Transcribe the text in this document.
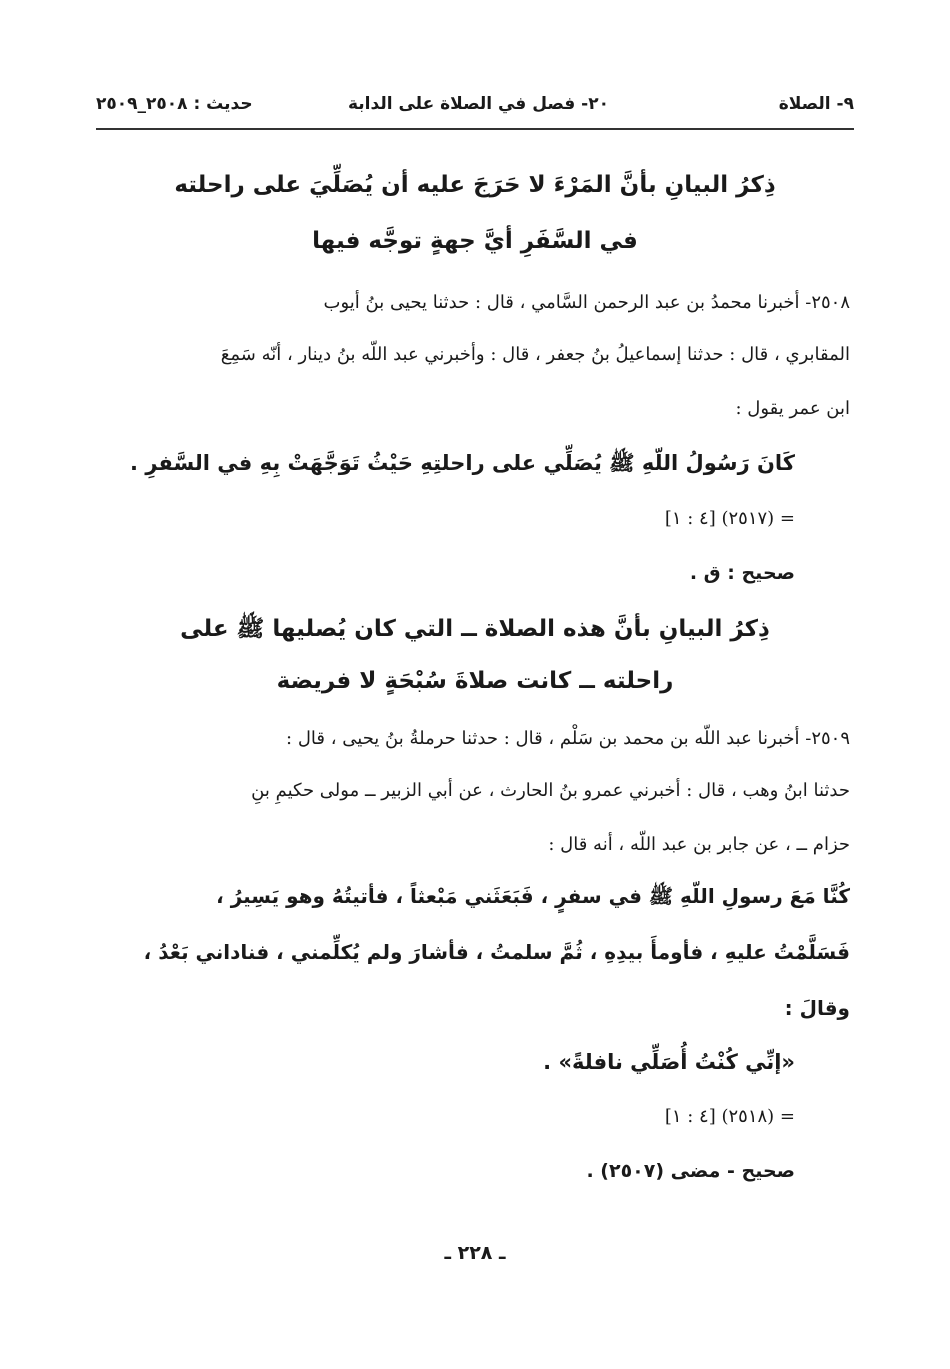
٩- الصلاة
٢٠- فصل في الصلاة على الدابة
حديث : ٢٥٠٨_٢٥٠٩
ذِكرُ البيانِ بأنَّ المَرْءَ لا حَرَجَ عليه أن يُصَلِّيَ على راحلته
في السَّفَرِ أيَّ جهةٍ توجَّه فيها
٢٥٠٨- أخبرنا محمدُ بن عبد الرحمن السَّامي ، قال : حدثنا يحيى بنُ أيوب
المقابري ، قال : حدثنا إسماعيلُ بنُ جعفر ، قال : وأخبرني عبد اللّه بنُ دينار ، أنّه سَمِعَ
ابن عمر يقول :
كَانَ رَسُولُ اللّهِ ﷺ يُصَلِّي على راحلتِهِ حَيْثُ تَوَجَّهَتْ بِهِ في السَّفرِ .
= (٢٥١٧) [٤ : ١]
صحيح : ق .
ذِكرُ البيانِ بأنَّ هذه الصلاة ــ التي كان يُصليها ﷺ على
راحلته ــ كانت صلاةَ سُبْحَةٍ لا فريضة
٢٥٠٩- أخبرنا عبد اللّه بن محمد بن سَلْم ، قال : حدثنا حرملةُ بنُ يحيى ، قال :
حدثنا ابنُ وهب ، قال : أخبرني عمرو بنُ الحارث ، عن أبي الزبير ــ مولى حكيمِ بنِ
حزام ــ ، عن جابر بن عبد اللّه ، أنه قال :
كُنَّا مَعَ رسولِ اللّهِ ﷺ في سفرٍ ، فَبَعَثَني مَبْعثاً ، فأتيتُهُ وهو يَسِيرُ ،
فَسَلَّمْتُ عليهِ ، فأومأَ بيدِهِ ، ثُمَّ سلمتُ ، فأشارَ ولم يُكلِّمني ، فناداني بَعْدُ ،
وقالَ :
«إنِّي كُنْتُ أُصَلِّي نافلةً» .
= (٢٥١٨) [٤ : ١]
صحيح - مضى (٢٥٠٧) .
ـ ٢٢٨ ـ
